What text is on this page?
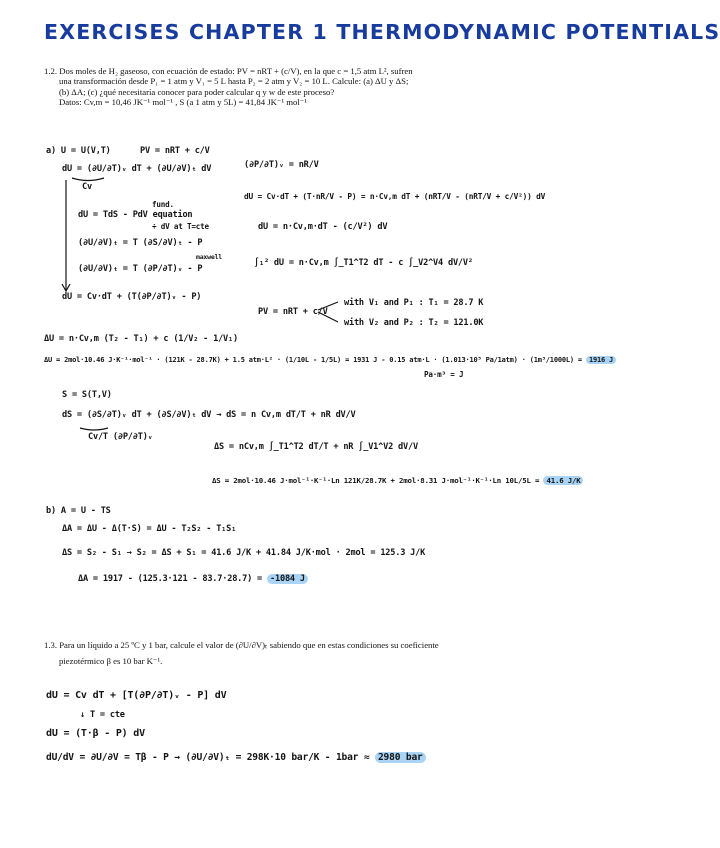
EXERCISES CHAPTER 1 THERMODYNAMIC POTENTIALS

1.2. Dos moles de H₂ gaseoso, con ecuación de estado: PV = nRT + (c/V), en la que c = 1,5 atm L², sufren

una transformación desde P₁ = 1 atm y V₁ = 5 L hasta P₂ = 2 atm y V₂ = 10 L. Calcule: (a) ΔU y ΔS;

(b) ΔA; (c) ¿qué necesitaría conocer para poder calcular q y w de este proceso?

Datos: Cv,m = 10,46 JK⁻¹ mol⁻¹ , S (a 1 atm y 5L) = 41,84 JK⁻¹ mol⁻¹

a) U = U(V,T)	PV = nRT + c/V
dU = (∂U/∂T)ᵥ dT + (∂U/∂V)ₜ dV	(∂P/∂T)ᵥ = nR/V
Cv
fund.
dU = TdS - PdV equation
÷ dV at T=cte
(∂U/∂V)ₜ = T (∂S/∂V)ₜ - P
maxwell
(∂U/∂V)ₜ = T (∂P/∂T)ᵥ - P
dU = Cv·dT + (T(∂P/∂T)ᵥ - P)
dU = Cv·dT + (T·nR/V - P) = n·Cv,m dT + (nRT/V - (nRT/V + c/V²)) dV
dU = n·Cv,m·dT - (c/V²) dV
∫₁² dU = n·Cv,m ∫_T1^T2 dT - c ∫_V2^V4 dV/V²
PV = nRT + c/V
with V₁ and P₁ : T₁ = 28.7 K
with V₂ and P₂ : T₂ = 121.0K
ΔU = n·Cv,m (T₂ - T₁) + c (1/V₂ - 1/V₁)
ΔU = 2mol·10.46 J·K⁻¹·mol⁻¹ · (121K - 28.7K) + 1.5 atm·L² · (1/10L - 1/5L) = 1931 J - 0.15 atm·L · (1.013·10⁵ Pa/1atm) · (1m³/1000L) = 1916 J
Pa·m³ = J
S = S(T,V)
dS = (∂S/∂T)ᵥ dT + (∂S/∂V)ₜ dV → dS = n Cv,m dT/T + nR dV/V
Cv/T (∂P/∂T)ᵥ
ΔS = nCv,m ∫_T1^T2 dT/T + nR ∫_V1^V2 dV/V
ΔS = 2mol·10.46 J·mol⁻¹·K⁻¹·Ln 121K/28.7K + 2mol·8.31 J·mol⁻¹·K⁻¹·Ln 10L/5L = 41.6 J/K
b) A = U - TS
ΔA = ΔU - Δ(T·S) = ΔU - T₂S₂ - T₁S₁
ΔS = S₂ - S₁ → S₂ = ΔS + S₁ = 41.6 J/K + 41.84 J/K·mol · 2mol = 125.3 J/K
ΔA = 1917 - (125.3·121 - 83.7·28.7) = -1084 J

1.3. Para un líquido a 25 ºC y 1 bar, calcule el valor de (∂U/∂V)ₜ sabiendo que en estas condiciones su coeficiente

piezotérmico β es 10 bar K⁻¹.

dU = Cv dT + [T(∂P/∂T)ᵥ - P] dV
↓ T = cte
dU = (T·β - P) dV
dU/dV = ∂U/∂V = Tβ - P → (∂U/∂V)ₜ = 298K·10 bar/K - 1bar ≈ 2980 bar
